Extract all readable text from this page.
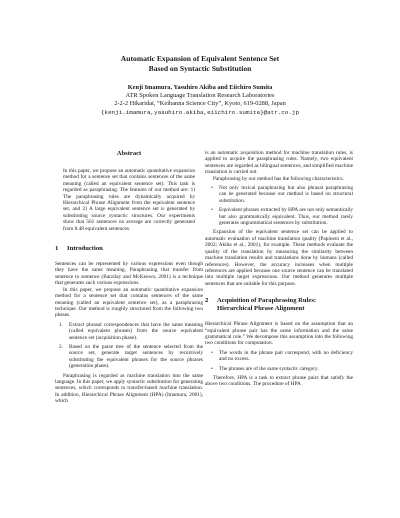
Automatic Expansion of Equivalent Sentence Set
Based on Syntactic Substitution
Kenji Imamura, Yasuhiro Akiba and Eiichiro Sumita
ATR Spoken Language Translation Research Laboratories
2-2-2 Hikaridai, “Keihanna Science City”, Kyoto, 619-0288, Japan
{kenji.imamura,yasuhiro.akiba,eiichiro.sumita}@atr.co.jp
Abstract

In this paper, we propose an automatic quantitative expansion method for a sentence set that contains sentences of the same meaning (called an equivalent sentence set). This task is regarded as paraphrasing. The features of our method are: 1) The paraphrasing rules are dynamically acquired by Hierarchical Phrase Alignment from the equivalent sentence set, and 2) A large equivalent sentence set is generated by substituting source syntactic structures. Our experiments show that 561 sentences on average are correctly generated from 8.48 equivalent sentences.

1 Introduction

Sentences can be represented by various expressions even though they have the same meaning. Paraphrasing that transfer from sentence to sentence (Barzilay and McKeown, 2001) is a technique that generates such various expressions.

In this paper, we propose an automatic quantitative expansion method for a sentence set that contains sentences of the same meaning (called an equivalent sentence set), as a paraphrasing technique. Our method is roughly structured from the following two phases.

1.	Extract phrasal correspondences that have the same meaning (called equivalent phrases) from the source equivalent sentence set (acquisition phase).

2.	Based on the parse tree of the sentence selected from the source set, generate target sentences by recursively substituting the equivalent phrases for the source phrases (generation phase).

Paraphrasing is regarded as machine translation into the same language. In this paper, we apply syntactic substitution for generating sentences, which corresponds to transfer-based machine translation. In addition, Hierarchical Phrase Alignment (HPA) (Imamura, 2001), which

is an automatic acquisition method for machine translation rules, is applied to acquire the paraphrasing rules. Namely, two equivalent sentences are regarded as bilingual sentences, and simplified machine translation is carried out.

Paraphrasing by our method has the following characteristics.

•	Not only lexical paraphrasing but also phrasal paraphrasing can be generated because our method is based on structural substitution.

•	Equivalent phrases extracted by HPA are not only semantically but also grammatically equivalent. Thus, our method rarely generates ungrammatical sentences by substitution.

Expansion of the equivalent sentence set can be applied to automatic evaluation of machine translation quality (Papineni et al., 2002; Akiba et al., 2001), for example. These methods evaluate the quality of the translation by measuring the similarity between machine translation results and translations done by humans (called references). However, the accuracy increases when multiple references are applied because one source sentence can be translated into multiple target expressions. Our method generates multiple sentences that are suitable for this purpose.

2 Acquisition of Paraphrasing Rules:
Hierarchical Phrase Alignment

Hierarchical Phrase Alignment is based on the assumption that an “equivalent phrase pair has the same information and the same grammatical role.” We decompose this assumption into the following two conditions for computation.

•	The words in the phrase pair correspond, with no deficiency and no excess.

•	The phrases are of the same syntactic category.

Therefore, HPA is a task to extract phrase pairs that satisfy the above two conditions. The procedure of HPA
